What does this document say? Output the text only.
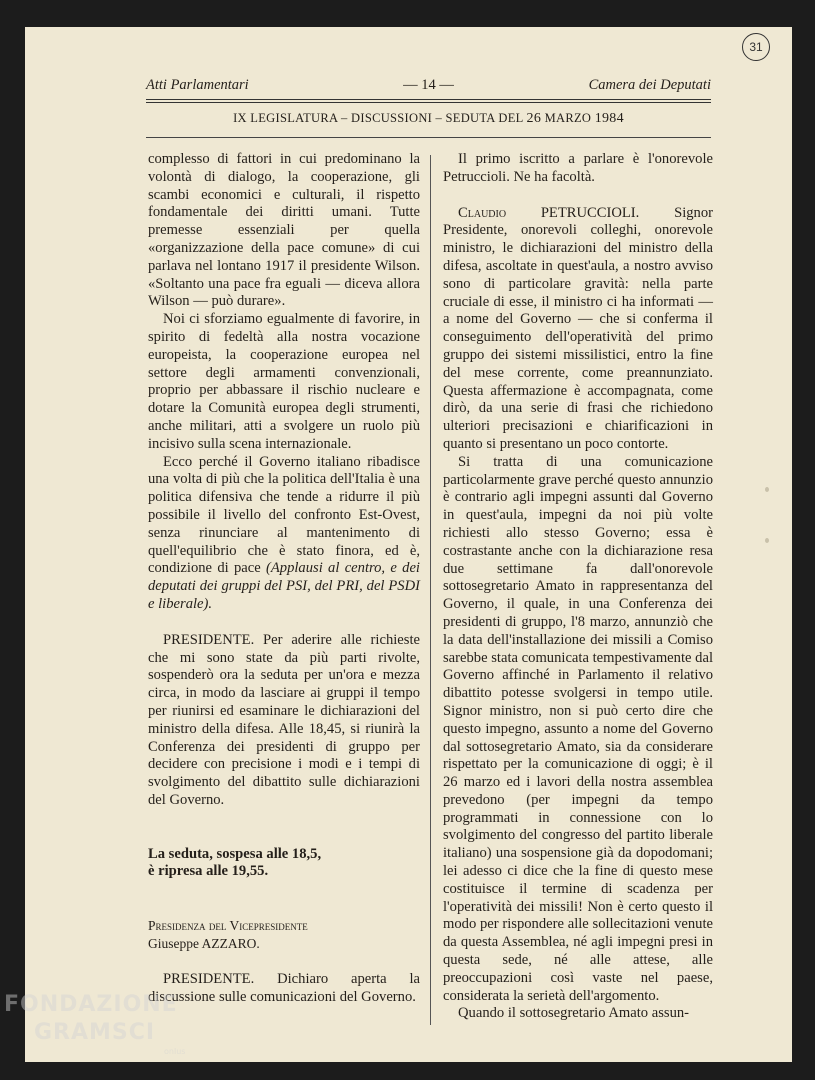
31
Atti Parlamentari	— 14 —	Camera dei Deputati
IX LEGISLATURA – DISCUSSIONI – SEDUTA DEL 26 MARZO 1984

complesso di fattori in cui predominano la volontà di dialogo, la cooperazione, gli scambi economici e culturali, il rispetto fondamentale dei diritti umani. Tutte premesse essenziali per quella «organizzazione della pace comune» di cui parlava nel lontano 1917 il presidente Wilson. «Soltanto una pace fra eguali — diceva allora Wilson — può durare».

Noi ci sforziamo egualmente di favorire, in spirito di fedeltà alla nostra vocazione europeista, la cooperazione europea nel settore degli armamenti convenzionali, proprio per abbassare il rischio nucleare e dotare la Comunità europea degli strumenti, anche militari, atti a svolgere un ruolo più incisivo sulla scena internazionale.

Ecco perché il Governo italiano ribadisce una volta di più che la politica dell'Italia è una politica difensiva che tende a ridurre il più possibile il livello del confronto Est-Ovest, senza rinunciare al mantenimento di quell'equilibrio che è stato finora, ed è, condizione di pace (Applausi al centro, e dei deputati dei gruppi del PSI, del PRI, del PSDI e liberale).

PRESIDENTE. Per aderire alle richieste che mi sono state da più parti rivolte, sospenderò ora la seduta per un'ora e mezza circa, in modo da lasciare ai gruppi il tempo per riunirsi ed esaminare le dichiarazioni del ministro della difesa. Alle 18,45, si riunirà la Conferenza dei presidenti di gruppo per decidere con precisione i modi e i tempi di svolgimento del dibattito sulle dichiarazioni del Governo.

La seduta, sospesa alle 18,5,

è ripresa alle 19,55.

Presidenza del Vicepresidente

Giuseppe AZZARO.

PRESIDENTE. Dichiaro aperta la discussione sulle comunicazioni del Governo.

Il primo iscritto a parlare è l'onorevole Petruccioli. Ne ha facoltà.

Claudio PETRUCCIOLI. Signor Presidente, onorevoli colleghi, onorevole ministro, le dichiarazioni del ministro della difesa, ascoltate in quest'aula, a nostro avviso sono di particolare gravità: nella parte cruciale di esse, il ministro ci ha informati — a nome del Governo — che si conferma il conseguimento dell'operatività del primo gruppo dei sistemi missilistici, entro la fine del mese corrente, come preannunziato. Questa affermazione è accompagnata, come dirò, da una serie di frasi che richiedono ulteriori precisazioni e chiarificazioni in quanto si presentano un poco contorte.

Si tratta di una comunicazione particolarmente grave perché questo annunzio è contrario agli impegni assunti dal Governo in quest'aula, impegni da noi più volte richiesti allo stesso Governo; essa è costrastante anche con la dichiarazione resa due settimane fa dall'onorevole sottosegretario Amato in rappresentanza del Governo, il quale, in una Conferenza dei presidenti di gruppo, l'8 marzo, annunziò che la data dell'installazione dei missili a Comiso sarebbe stata comunicata tempestivamente dal Governo affinché in Parlamento il relativo dibattito potesse svolgersi in tempo utile. Signor ministro, non si può certo dire che questo impegno, assunto a nome del Governo dal sottosegretario Amato, sia da considerare rispettato per la comunicazione di oggi; è il 26 marzo ed i lavori della nostra assemblea prevedono (per impegni da tempo programmati in connessione con lo svolgimento del congresso del partito liberale italiano) una sospensione già da dopodomani; lei adesso ci dice che la fine di questo mese costituisce il termine di scadenza per l'operatività dei missili! Non è certo questo il modo per rispondere alle sollecitazioni venute da questa Assemblea, né agli impegni presi in questa sede, né alle attese, alle preoccupazioni così vaste nel paese, considerata la serietà dell'argomento.

Quando il sottosegretario Amato assun-

FONDAZIONE
GRAMSCI
onlus
